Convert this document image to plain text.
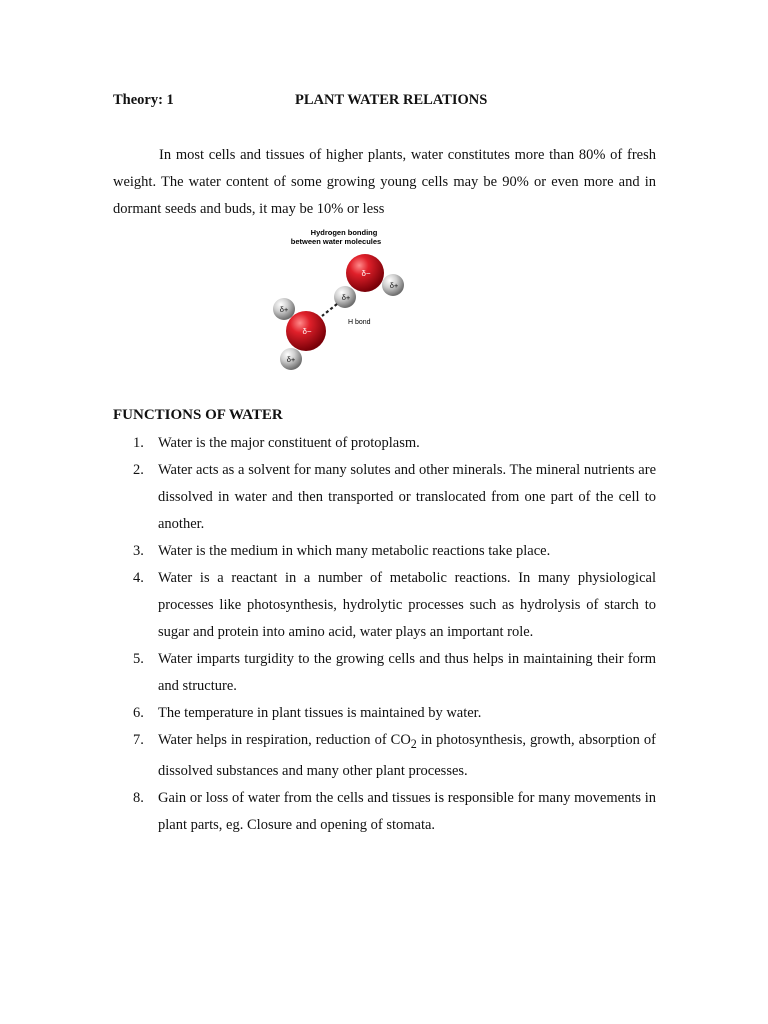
Theory: 1	PLANT WATER RELATIONS

In most cells and tissues of higher plants, water constitutes more than 80% of fresh weight. The water content of some growing young cells may be 90% or even more and in dormant seeds and buds, it may be 10% or less

Hydrogen bonding
between water molecules
δ−
δ+
δ+
δ+
δ−
δ+
H bond
FUNCTIONS OF WATER
1. Water is the major constituent of protoplasm.
2. Water acts as a solvent for many solutes and other minerals. The mineral nutrients are dissolved in water and then transported or translocated from one part of the cell to another.
3. Water is the medium in which many metabolic reactions take place.
4. Water is a reactant in a number of metabolic reactions. In many physiological processes like photosynthesis, hydrolytic processes such as hydrolysis of starch to sugar and protein into amino acid, water plays an important role.
5. Water imparts turgidity to the growing cells and thus helps in maintaining their form   and structure.
6. The temperature in plant tissues is maintained by water.
7. Water helps in respiration, reduction of $CO_2$ in photosynthesis, growth, absorption of dissolved substances and many other plant processes.
8. Gain or loss of water from the cells and tissues is responsible for many movements in plant parts, eg. Closure and opening of stomata.
